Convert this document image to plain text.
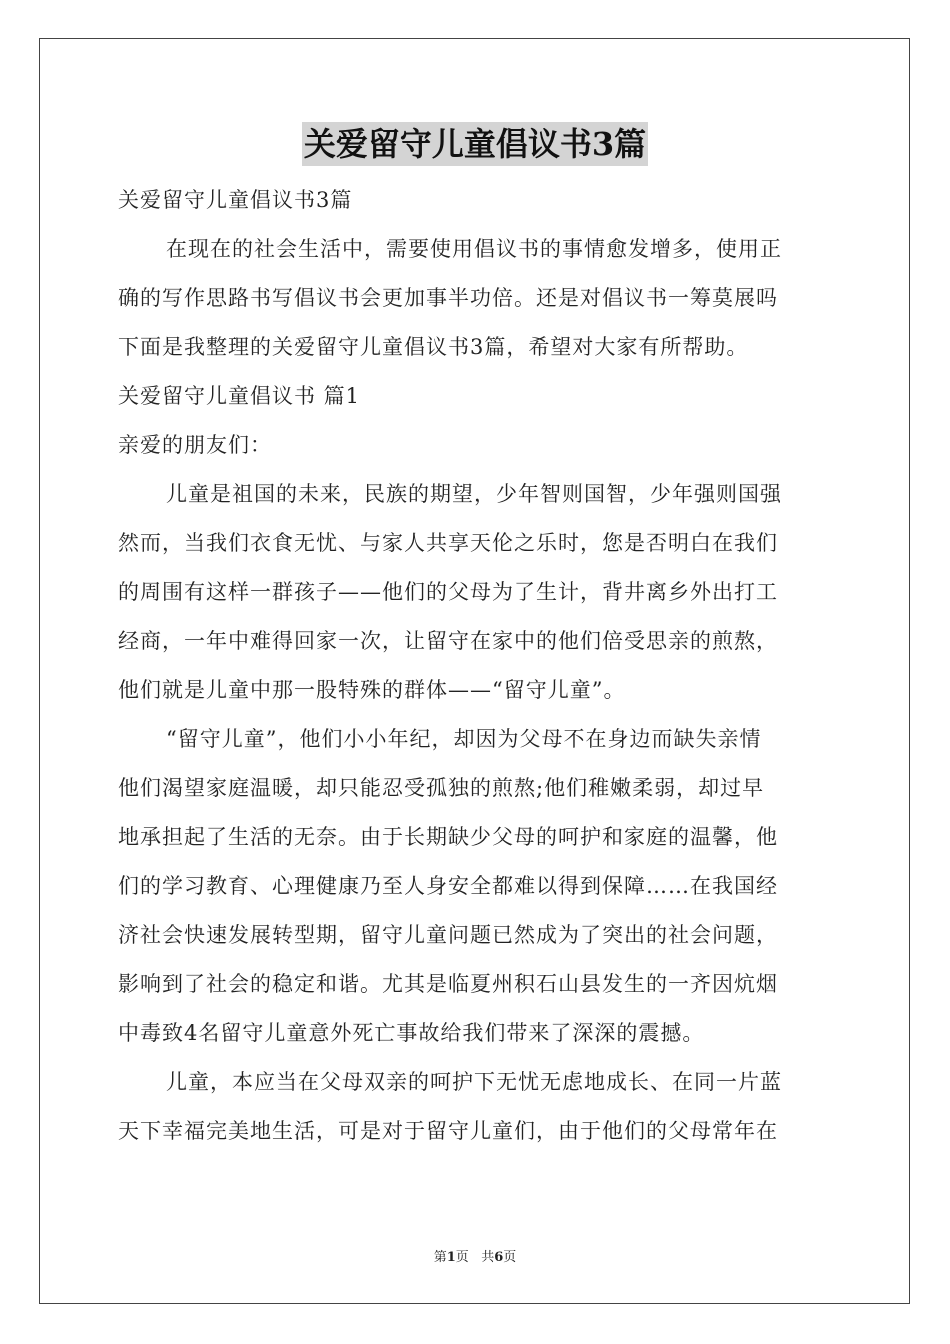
关爱留守儿童倡议书3篇
关爱留守儿童倡议书3篇
在现在的社会生活中，需要使用倡议书的事情愈发增多，使用正
确的写作思路书写倡议书会更加事半功倍。还是对倡议书一筹莫展吗
下面是我整理的关爱留守儿童倡议书3篇，希望对大家有所帮助。
关爱留守儿童倡议书 篇1
亲爱的朋友们：
儿童是祖国的未来，民族的期望，少年智则国智，少年强则国强
然而，当我们衣食无忧、与家人共享天伦之乐时，您是否明白在我们
的周围有这样一群孩子——他们的父母为了生计，背井离乡外出打工
经商，一年中难得回家一次，让留守在家中的他们倍受思亲的煎熬，
他们就是儿童中那一股特殊的群体——“留守儿童”。
“留守儿童”，他们小小年纪，却因为父母不在身边而缺失亲情
他们渴望家庭温暖，却只能忍受孤独的煎熬;他们稚嫩柔弱，却过早
地承担起了生活的无奈。由于长期缺少父母的呵护和家庭的温馨，他
们的学习教育、心理健康乃至人身安全都难以得到保障……在我国经
济社会快速发展转型期，留守儿童问题已然成为了突出的社会问题，
影响到了社会的稳定和谐。尤其是临夏州积石山县发生的一齐因炕烟
中毒致4名留守儿童意外死亡事故给我们带来了深深的震撼。
儿童，本应当在父母双亲的呵护下无忧无虑地成长、在同一片蓝
天下幸福完美地生活，可是对于留守儿童们，由于他们的父母常年在
第1页 共6页
